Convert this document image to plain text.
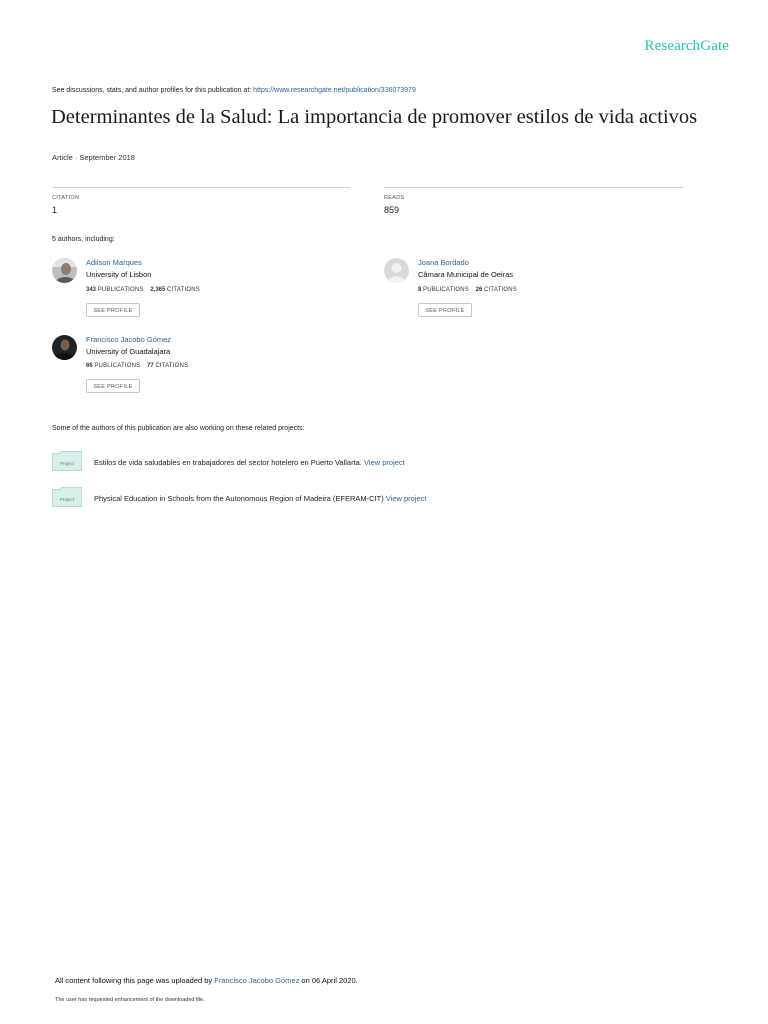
ResearchGate
See discussions, stats, and author profiles for this publication at: https://www.researchgate.net/publication/336073979
Determinantes de la Salud: La importancia de promover estilos de vida activos
Article · September 2018
CITATION
1
READS
859
5 authors, including:
Adilson Marques
University of Lisbon
343 PUBLICATIONS 2,365 CITATIONS
SEE PROFILE
Joana Bordado
Câmara Municipal de Oeiras
8 PUBLICATIONS 26 CITATIONS
SEE PROFILE
Francisco Jacobo Gómez
University of Guadalajara
66 PUBLICATIONS 77 CITATIONS
SEE PROFILE
Some of the authors of this publication are also working on these related projects:
Project	Estilos de vida saludables en trabajadores del sector hotelero en Puerto Vallarta. View project
Project	Physical Education in Schools from the Autonomous Region of Madeira (EFERAM-CIT) View project
All content following this page was uploaded by Francisco Jacobo Gómez on 06 April 2020.
The user has requested enhancement of the downloaded file.
